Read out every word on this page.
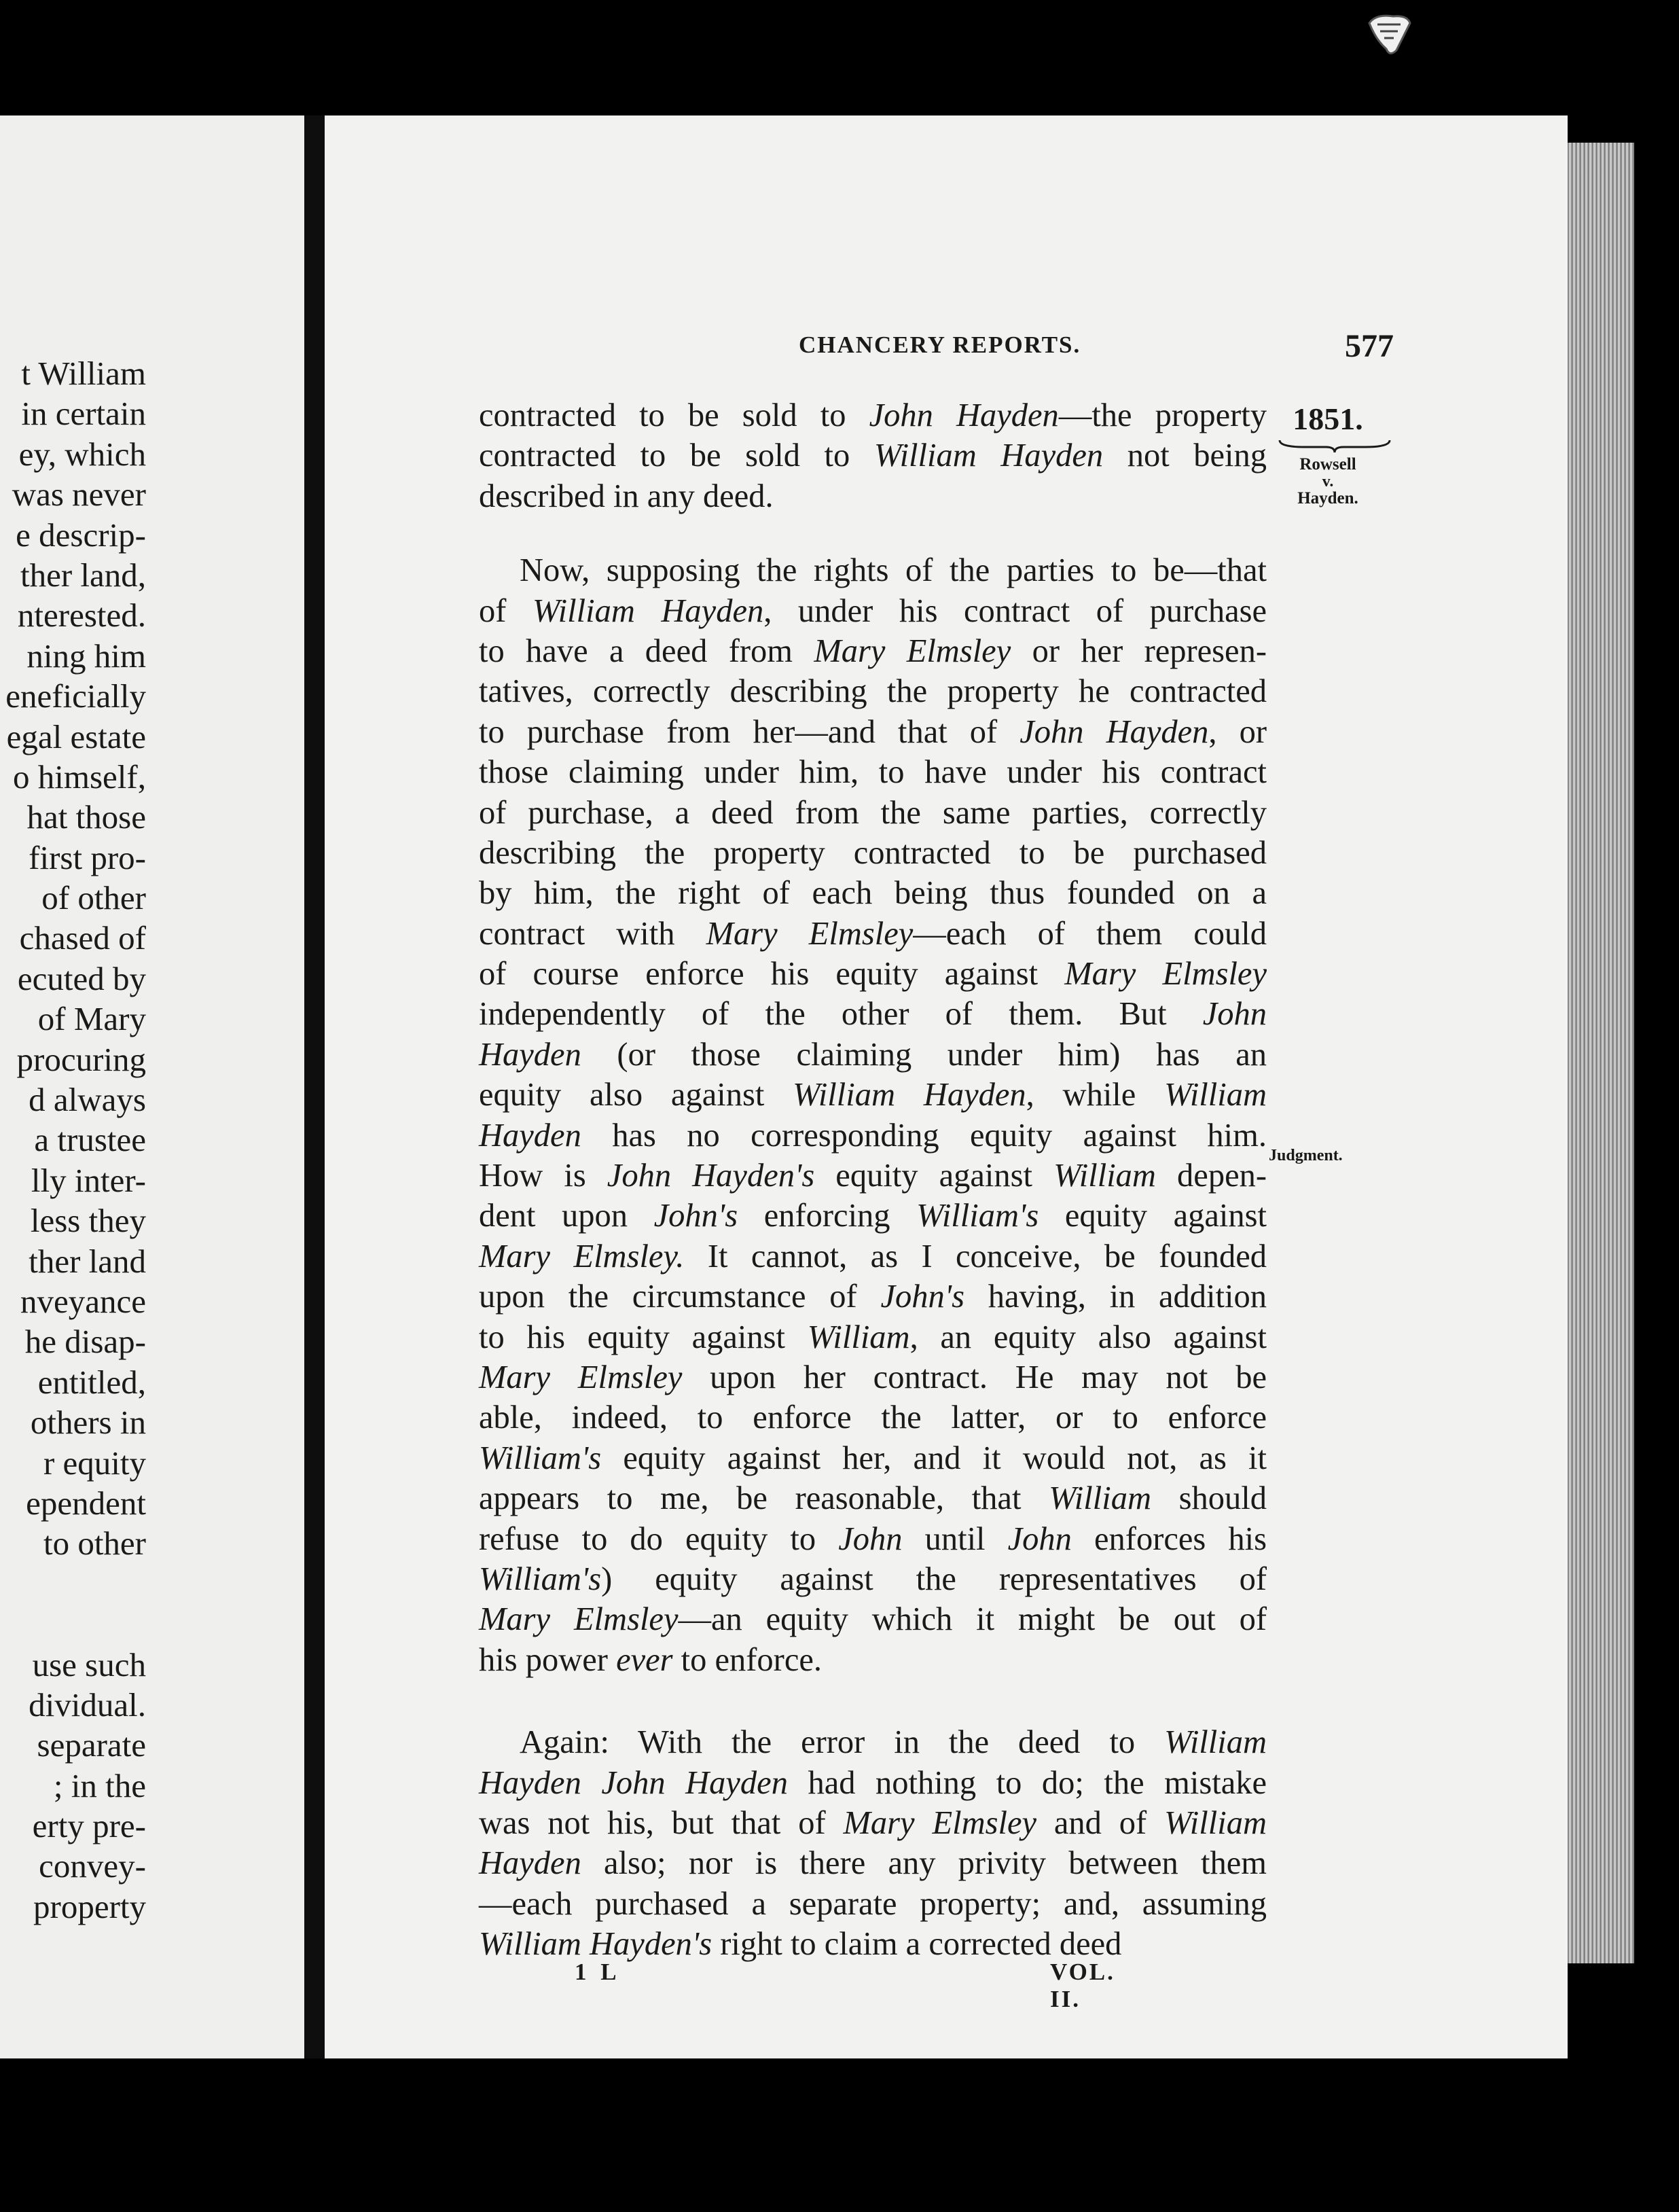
t William
in certain
ey, which
was never
e descrip-
ther land,
nterested.
ning him
eneficially
egal estate
o himself,
hat those
first pro-
of other
chased of
ecuted by
of Mary
procuring
d always
a trustee
lly inter-
less they
ther land
nveyance
he disap-
entitled,
others in
r equity
ependent
to other
use such
dividual.
separate
; in the
erty pre-
convey-
property
CHANCERY REPORTS.	577
contracted to be sold to John Hayden—the property
contracted to be sold to William Hayden not being
described in any deed.
Now, supposing the rights of the parties to be—that
of William Hayden, under his contract of purchase
to have a deed from Mary Elmsley or her represen-
tatives, correctly describing the property he contracted
to purchase from her—and that of John Hayden, or
those claiming under him, to have under his contract
of purchase, a deed from the same parties, correctly
describing the property contracted to be purchased
by him, the right of each being thus founded on a
contract with Mary Elmsley—each of them could
of course enforce his equity against Mary Elmsley
independently of the other of them. But John
Hayden (or those claiming under him) has an
equity also against William Hayden, while William
Hayden has no corresponding equity against him.
How is John Hayden's equity against William depen-
dent upon John's enforcing William's equity against
Mary Elmsley. It cannot, as I conceive, be founded
upon the circumstance of John's having, in addition
to his equity against William, an equity also against
Mary Elmsley upon her contract. He may not be
able, indeed, to enforce the latter, or to enforce
William's equity against her, and it would not, as it
appears to me, be reasonable, that William should
refuse to do equity to John until John enforces his
William's) equity against the representatives of
Mary Elmsley—an equity which it might be out of
his power ever to enforce.
Again: With the error in the deed to William
Hayden John Hayden had nothing to do; the mistake
was not his, but that of Mary Elmsley and of William
Hayden also; nor is there any privity between them
—each purchased a separate property; and, assuming
William Hayden's right to claim a corrected deed
1851.
Rowsell
v.
Hayden.
Judgment.
1 L	VOL. II.
